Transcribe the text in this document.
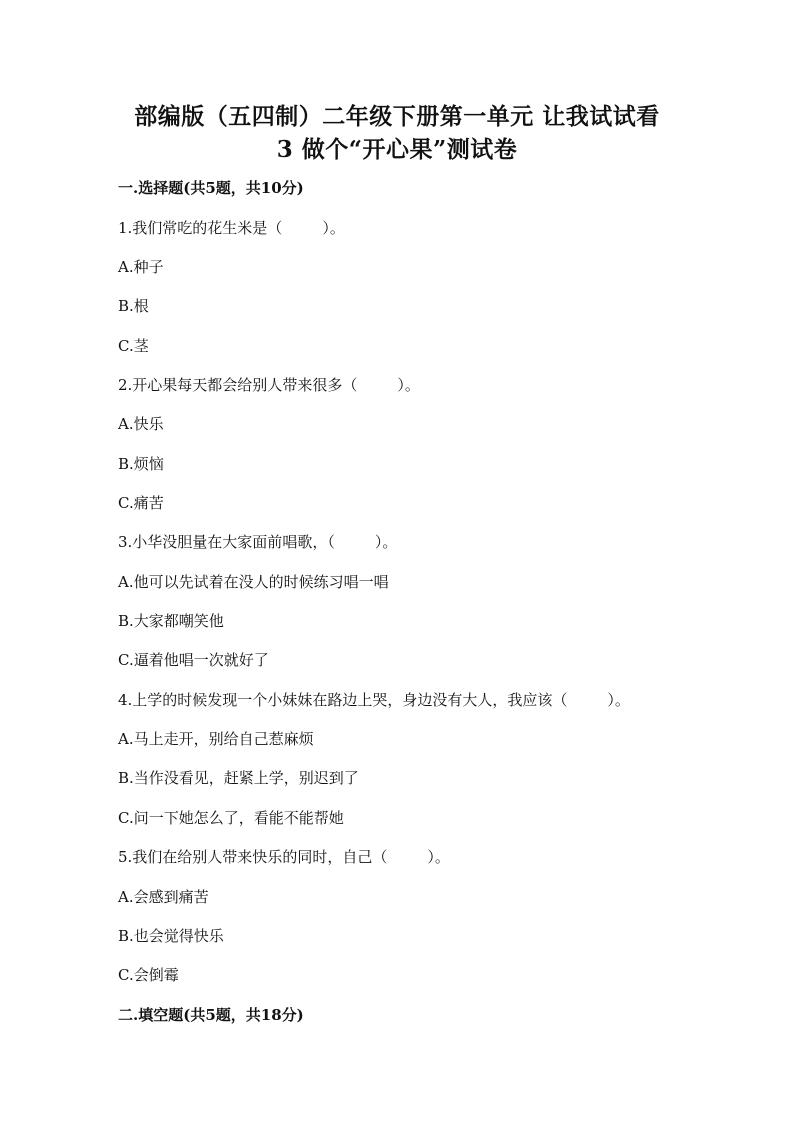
部编版（五四制）二年级下册第一单元 让我试试看
3 做个“开心果”测试卷
一.选择题(共5题，共10分)
1.我们常吃的花生米是（	）。
A.种子
B.根
C.茎
2.开心果每天都会给别人带来很多（	）。
A.快乐
B.烦恼
C.痛苦
3.小华没胆量在大家面前唱歌，（	）。
A.他可以先试着在没人的时候练习唱一唱
B.大家都嘲笑他
C.逼着他唱一次就好了
4.上学的时候发现一个小妹妹在路边上哭，身边没有大人，我应该（	）。
A.马上走开，别给自己惹麻烦
B.当作没看见，赶紧上学，别迟到了
C.问一下她怎么了，看能不能帮她
5.我们在给别人带来快乐的同时，自己（	）。
A.会感到痛苦
B.也会觉得快乐
C.会倒霉
二.填空题(共5题，共18分)
